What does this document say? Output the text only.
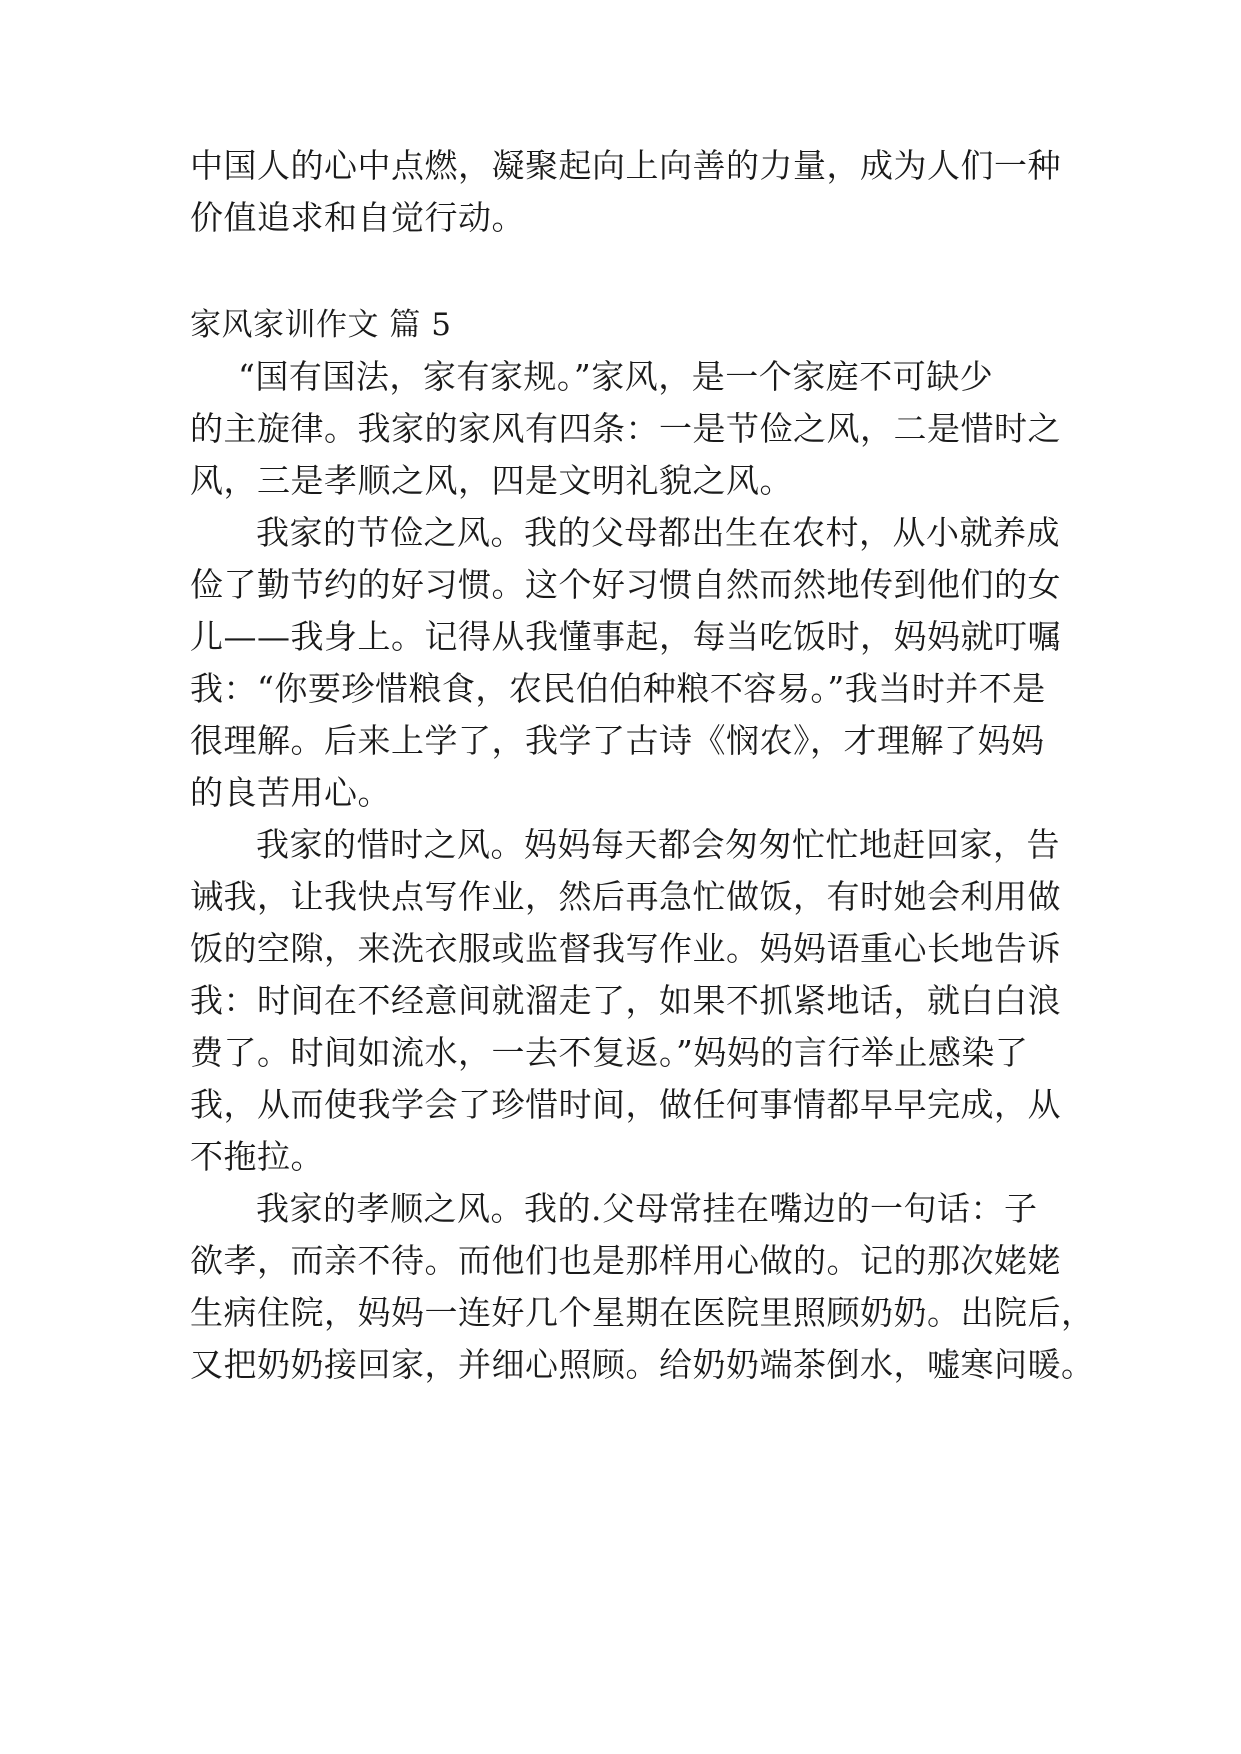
中国人的心中点燃，凝聚起向上向善的力量，成为人们一种
价值追求和自觉行动。
家风家训作文 篇 5
“国有国法，家有家规。”家风，是一个家庭不可缺少
的主旋律。我家的家风有四条：一是节俭之风，二是惜时之
风，三是孝顺之风，四是文明礼貌之风。
我家的节俭之风。我的父母都出生在农村，从小就养成
俭了勤节约的好习惯。这个好习惯自然而然地传到他们的女
儿——我身上。记得从我懂事起，每当吃饭时，妈妈就叮嘱
我：“你要珍惜粮食，农民伯伯种粮不容易。”我当时并不是
很理解。后来上学了，我学了古诗《悯农》，才理解了妈妈
的良苦用心。
我家的惜时之风。妈妈每天都会匆匆忙忙地赶回家，告
诫我，让我快点写作业，然后再急忙做饭，有时她会利用做
饭的空隙，来洗衣服或监督我写作业。妈妈语重心长地告诉
我：时间在不经意间就溜走了，如果不抓紧地话，就白白浪
费了。时间如流水，一去不复返。”妈妈的言行举止感染了
我，从而使我学会了珍惜时间，做任何事情都早早完成，从
不拖拉。
我家的孝顺之风。我的.父母常挂在嘴边的一句话：子
欲孝，而亲不待。而他们也是那样用心做的。记的那次姥姥
生病住院，妈妈一连好几个星期在医院里照顾奶奶。出院后，
又把奶奶接回家，并细心照顾。给奶奶端茶倒水，嘘寒问暖。
